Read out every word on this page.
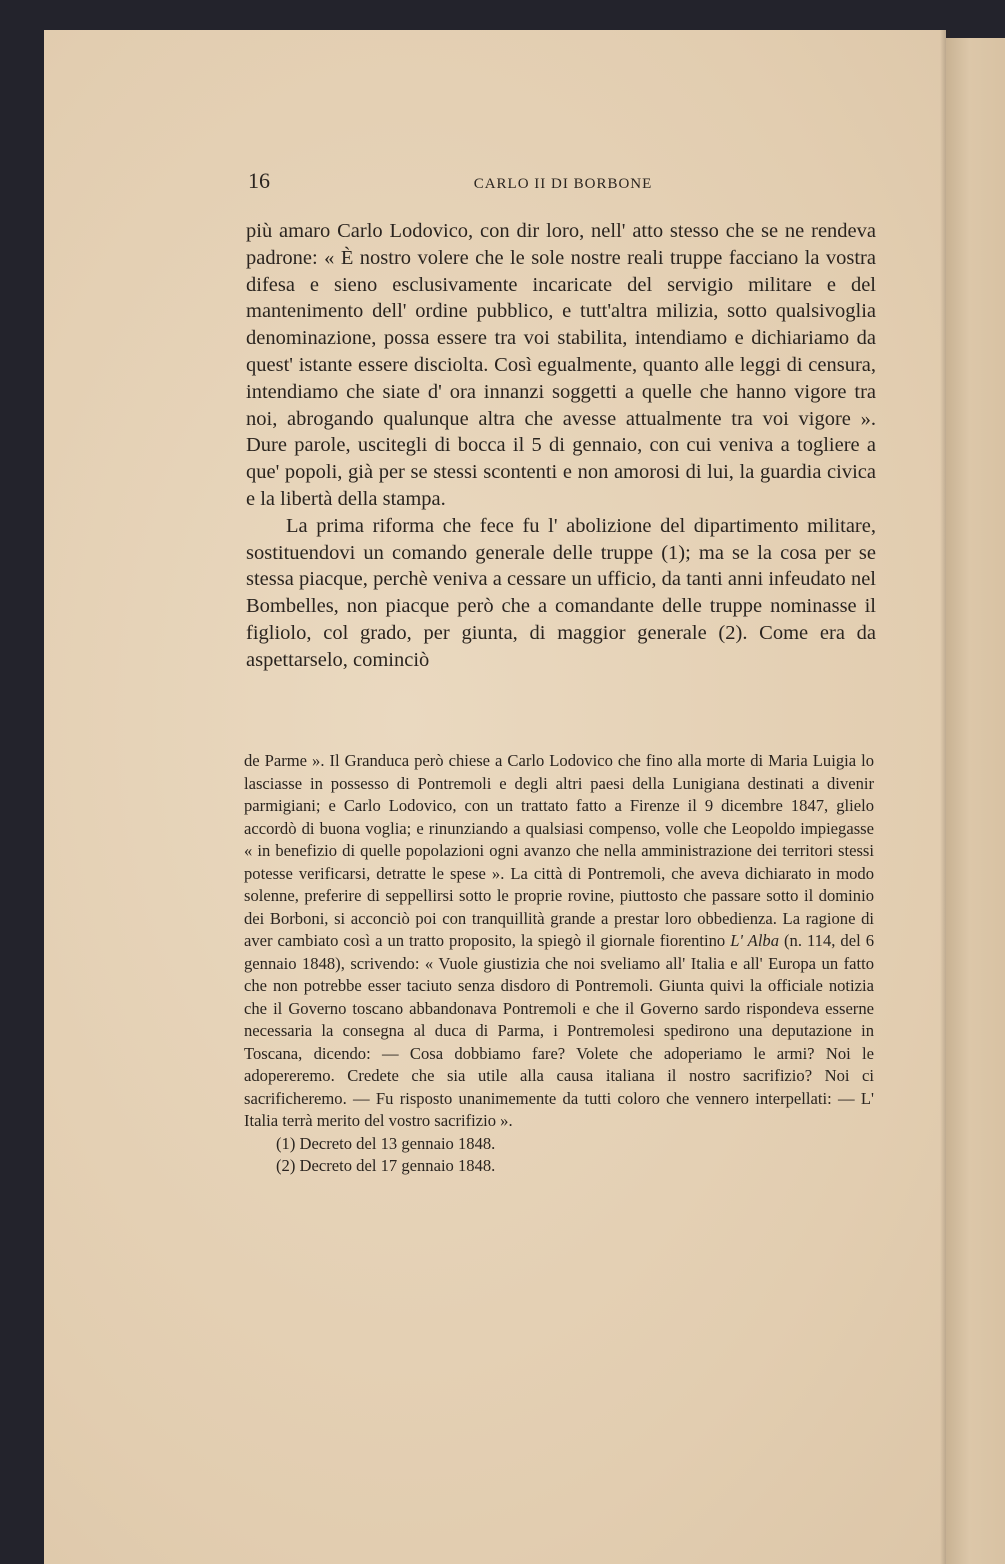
16	CARLO II DI BORBONE

più amaro Carlo Lodovico, con dir loro, nell' atto stesso che se ne rendeva padrone: « È nostro volere che le sole nostre reali truppe facciano la vostra difesa e sieno esclusivamente incaricate del servigio militare e del mantenimento dell' ordine pubblico, e tutt'altra milizia, sotto qualsivoglia denominazione, possa essere tra voi stabilita, intendiamo e dichiariamo da quest' istante essere disciolta. Così egualmente, quanto alle leggi di censura, intendiamo che siate d' ora innanzi soggetti a quelle che hanno vigore tra noi, abrogando qualunque altra che avesse attualmente tra voi vigore ». Dure parole, uscitegli di bocca il 5 di gennaio, con cui veniva a togliere a que' popoli, già per se stessi scontenti e non amorosi di lui, la guardia civica e la libertà della stampa.

La prima riforma che fece fu l' abolizione del dipartimento militare, sostituendovi un comando generale delle truppe (1); ma se la cosa per se stessa piacque, perchè veniva a cessare un ufficio, da tanti anni infeudato nel Bombelles, non piacque però che a comandante delle truppe nominasse il figliolo, col grado, per giunta, di maggior generale (2). Come era da aspettarselo, cominciò

de Parme ». Il Granduca però chiese a Carlo Lodovico che fino alla morte di Maria Luigia lo lasciasse in possesso di Pontremoli e degli altri paesi della Lunigiana destinati a divenir parmigiani; e Carlo Lodovico, con un trattato fatto a Firenze il 9 dicembre 1847, glielo accordò di buona voglia; e rinunziando a qualsiasi compenso, volle che Leopoldo impiegasse « in benefizio di quelle popolazioni ogni avanzo che nella amministrazione dei territori stessi potesse verificarsi, detratte le spese ». La città di Pontremoli, che aveva dichiarato in modo solenne, preferire di seppellirsi sotto le proprie rovine, piuttosto che passare sotto il dominio dei Borboni, si acconciò poi con tranquillità grande a prestar loro obbedienza. La ragione di aver cambiato così a un tratto proposito, la spiegò il giornale fiorentino L' Alba (n. 114, del 6 gennaio 1848), scrivendo: « Vuole giustizia che noi sveliamo all' Italia e all' Europa un fatto che non potrebbe esser taciuto senza disdoro di Pontremoli. Giunta quivi la officiale notizia che il Governo toscano abbandonava Pontremoli e che il Governo sardo rispondeva esserne necessaria la consegna al duca di Parma, i Pontremolesi spedirono una deputazione in Toscana, dicendo: — Cosa dobbiamo fare? Volete che adoperiamo le armi? Noi le adopereremo. Credete che sia utile alla causa italiana il nostro sacrifizio? Noi ci sacrificheremo. — Fu risposto unanimemente da tutti coloro che vennero interpellati: — L' Italia terrà merito del vostro sacrifizio ».

(1) Decreto del 13 gennaio 1848.

(2) Decreto del 17 gennaio 1848.
